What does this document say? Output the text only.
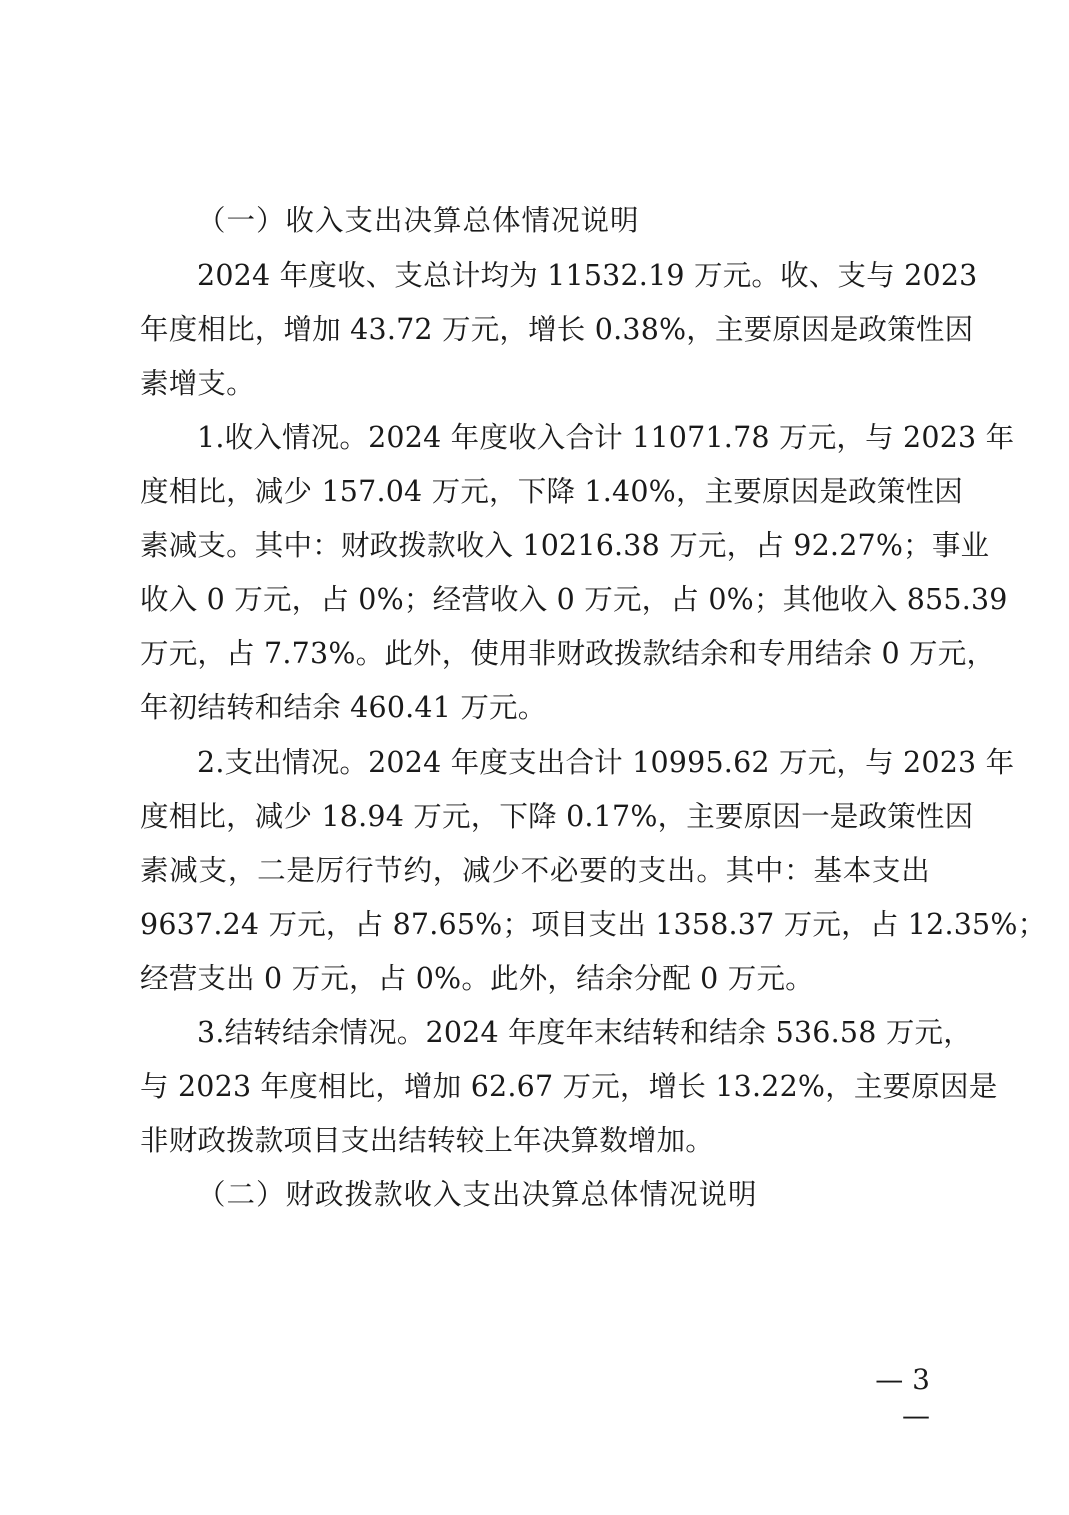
（一）收入支出决算总体情况说明
2024 年度收、支总计均为 11532.19 万元。收、支与 2023
年度相比，增加 43.72 万元，增长 0.38%，主要原因是政策性因
素增支。
1.收入情况。2024 年度收入合计 11071.78 万元，与 2023 年
度相比，减少 157.04 万元，下降 1.40%，主要原因是政策性因
素减支。其中：财政拨款收入 10216.38 万元，占 92.27%；事业
收入 0 万元，占 0%；经营收入 0 万元，占 0%；其他收入 855.39
万元，占 7.73%。此外，使用非财政拨款结余和专用结余 0 万元，
年初结转和结余 460.41 万元。
2.支出情况。2024 年度支出合计 10995.62 万元，与 2023 年
度相比，减少 18.94 万元，下降 0.17%，主要原因一是政策性因
素减支，二是厉行节约，减少不必要的支出。其中：基本支出
9637.24 万元，占 87.65%；项目支出 1358.37 万元，占 12.35%；
经营支出 0 万元，占 0%。此外，结余分配 0 万元。
3.结转结余情况。2024 年度年末结转和结余 536.58 万元，
与 2023 年度相比，增加 62.67 万元，增长 13.22%，主要原因是
非财政拨款项目支出结转较上年决算数增加。
（二）财政拨款收入支出决算总体情况说明
— 3 —
